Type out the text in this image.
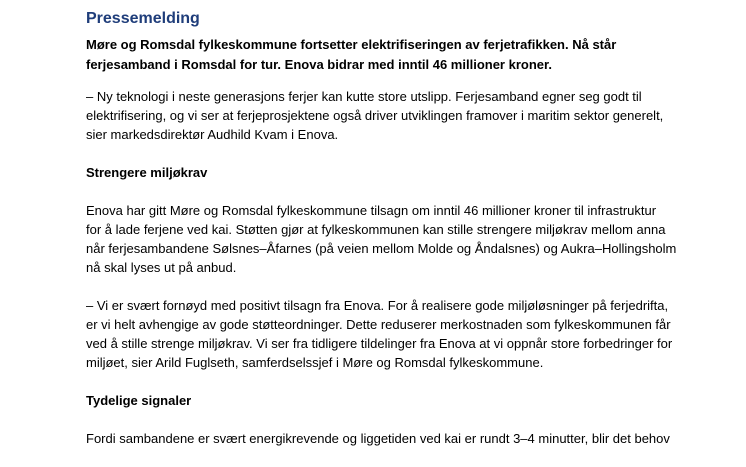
Pressemelding

Møre og Romsdal fylkeskommune fortsetter elektrifiseringen av ferjetrafikken. Nå står
ferjesamband i Romsdal for tur. Enova bidrar med inntil 46 millioner kroner.

– Ny teknologi i neste generasjons ferjer kan kutte store utslipp. Ferjesamband egner seg godt til
elektrifisering, og vi ser at ferjeprosjektene også driver utviklingen framover i maritim sektor generelt,
sier markedsdirektør Audhild Kvam i Enova.

Strengere miljøkrav

Enova har gitt Møre og Romsdal fylkeskommune tilsagn om inntil 46 millioner kroner til infrastruktur
for å lade ferjene ved kai. Støtten gjør at fylkeskommunen kan stille strengere miljøkrav mellom anna
når ferjesambandene Sølsnes–Åfarnes (på veien mellom Molde og Åndalsnes) og Aukra–Hollingsholm
nå skal lyses ut på anbud.

– Vi er svært fornøyd med positivt tilsagn fra Enova. For å realisere gode miljøløsninger på ferjedrifta,
er vi helt avhengige av gode støtteordninger. Dette reduserer merkostnaden som fylkeskommunen får
ved å stille strenge miljøkrav. Vi ser fra tidligere tildelinger fra Enova at vi oppnår store forbedringer for
miljøet, sier Arild Fuglseth, samferdselssjef i Møre og Romsdal fylkeskommune.

Tydelige signaler

Fordi sambandene er svært energikrevende og liggetiden ved kai er rundt 3–4 minutter, blir det behov
